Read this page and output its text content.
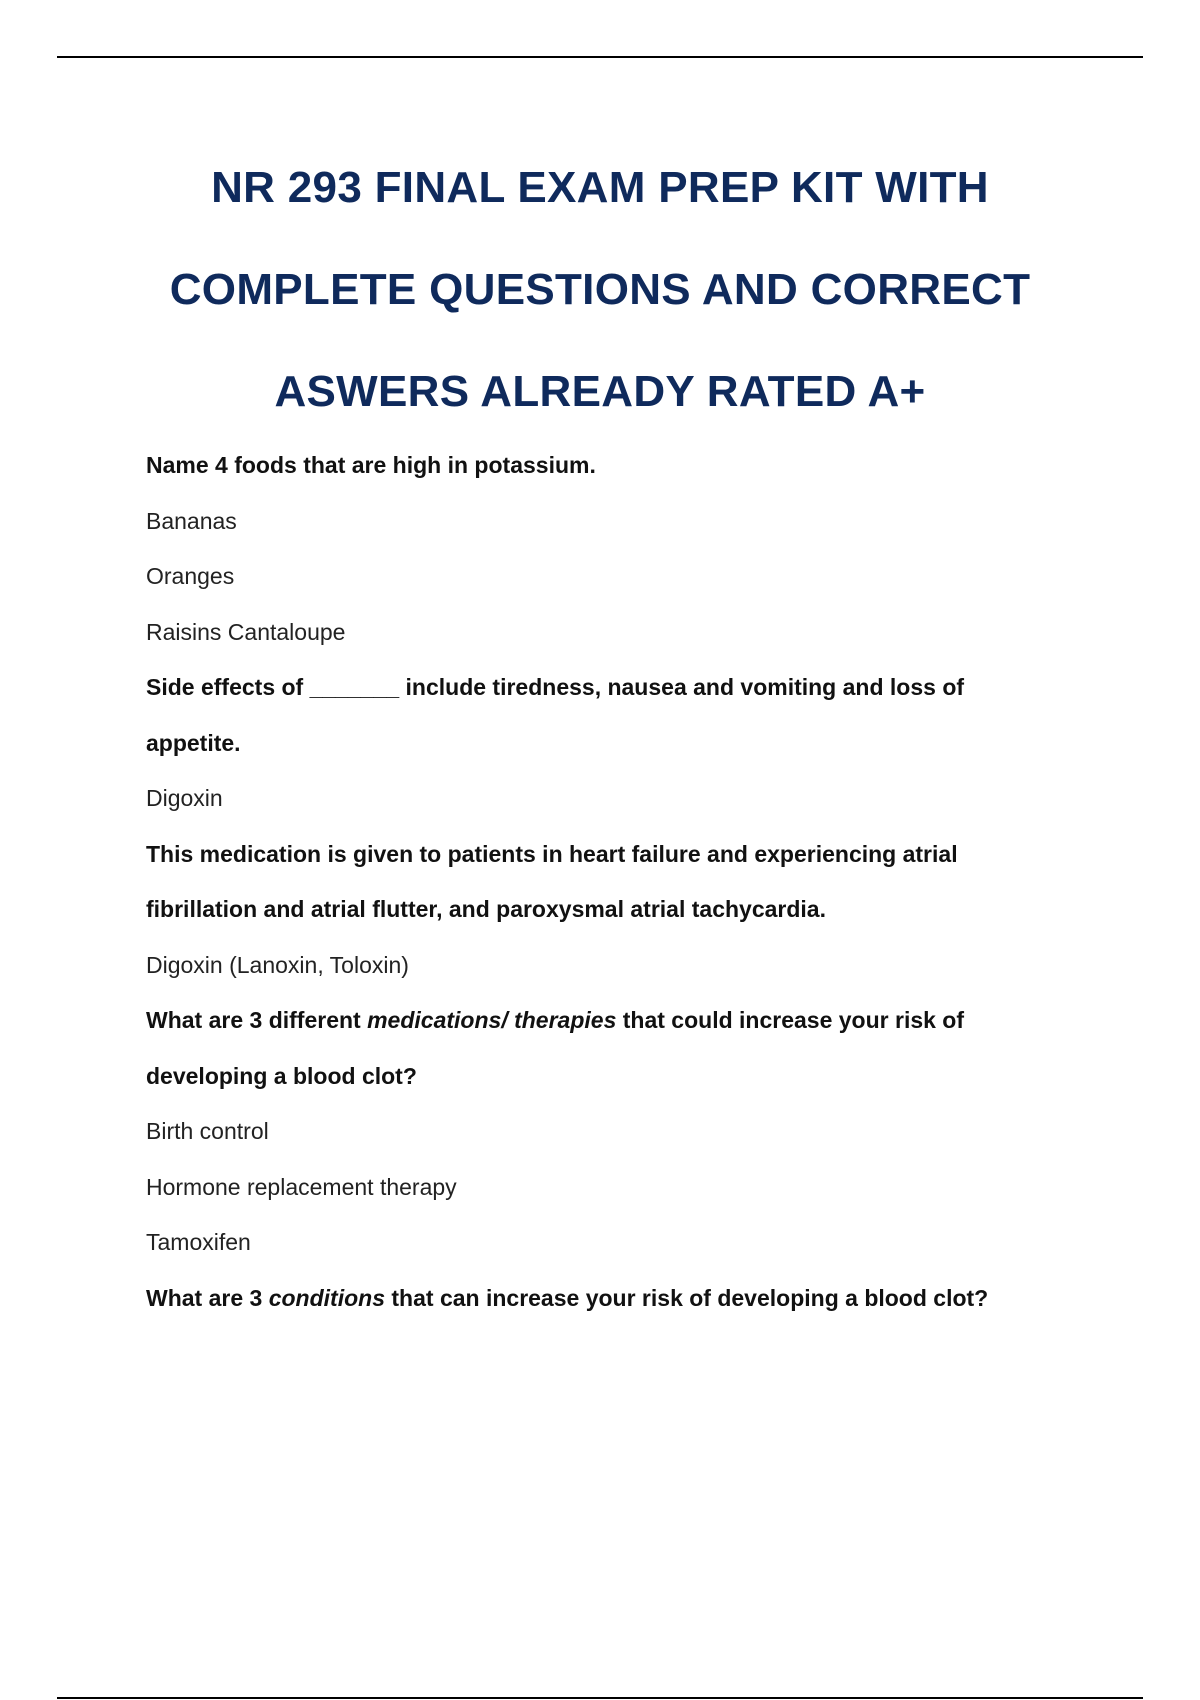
NR 293 FINAL EXAM PREP KIT WITH
COMPLETE QUESTIONS AND CORRECT
ASWERS ALREADY RATED A+
Name 4 foods that are high in potassium.
Bananas
Oranges
Raisins Cantaloupe
Side effects of _______ include tiredness, nausea and vomiting and loss of
appetite.
Digoxin
This medication is given to patients in heart failure and experiencing atrial
fibrillation and atrial flutter, and paroxysmal atrial tachycardia.
Digoxin (Lanoxin, Toloxin)
What are 3 different medications/ therapies that could increase your risk of
developing a blood clot?
Birth control
Hormone replacement therapy
Tamoxifen
What are 3 conditions that can increase your risk of developing a blood clot?
